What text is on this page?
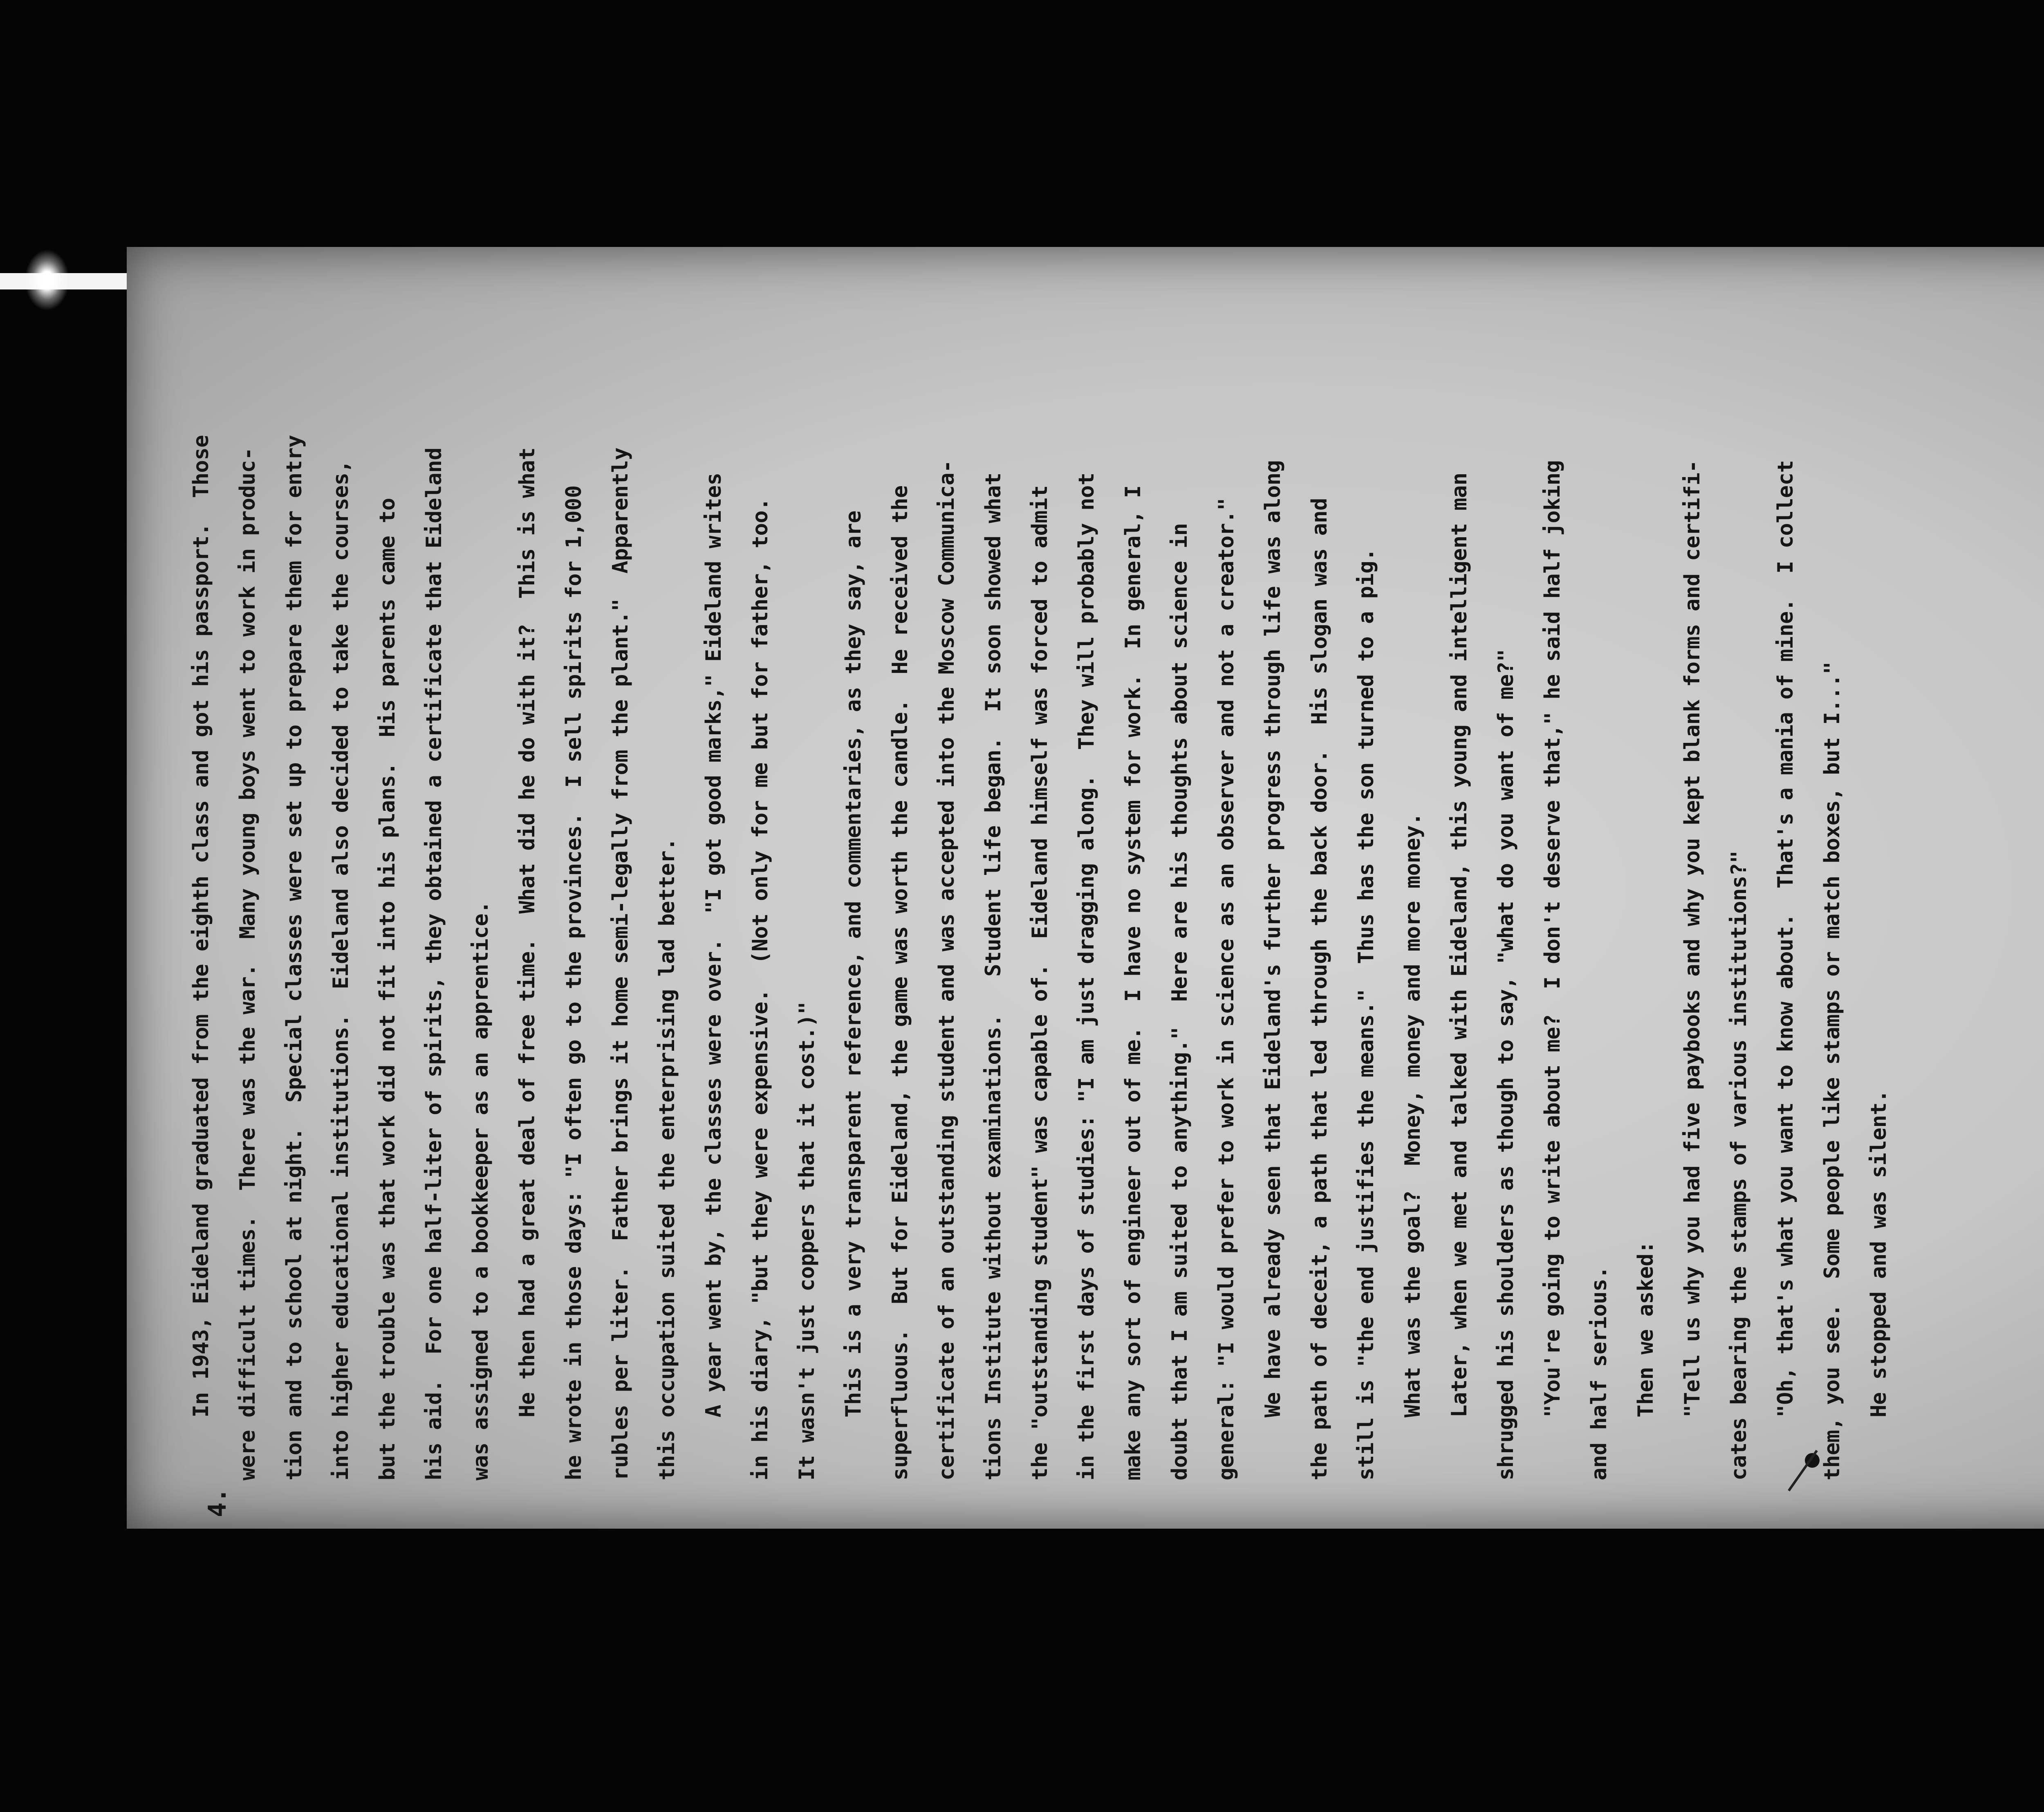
4.
In 1943, Eideland graduated from the eighth class and got his passport.  Those	were difficult times.  There was the war.  Many young boys went to work in produc-	tion and to school at night.  Special classes were set up to prepare them for entry	into higher educational institutions.  Eideland also decided to take the courses,	but the trouble was that work did not fit into his plans.  His parents came to	his aid.  For one half-liter of spirits, they obtained a certificate that Eideland	was assigned to a bookkeeper as an apprentice.	He then had a great deal of free time.  What did he do with it?  This is what	he wrote in those days: "I often go to the provinces.  I sell spirits for 1,000	rubles per liter.  Father brings it home semi-legally from the plant."  Apparently	this occupation suited the enterprising lad better.	A year went by, the classes were over.  "I got good marks," Eideland writes	in his diary, "but they were expensive.  (Not only for me but for father, too.	It wasn't just coppers that it cost.)"	This is a very transparent reference, and commentaries, as they say, are	superfluous.  But for Eideland, the game was worth the candle.  He received the	certificate of an outstanding student and was accepted into the Moscow Communica-	tions Institute without examinations.   Student life began.  It soon showed what	the "outstanding student" was capable of.  Eideland himself was forced to admit	in the first days of studies: "I am just dragging along.  They will probably not	make any sort of engineer out of me.  I have no system for work.  In general, I	doubt that I am suited to anything."  Here are his thoughts about science in	general: "I would prefer to work in science as an observer and not a creator."	We have already seen that Eideland's further progress through life was along	the path of deceit, a path that led through the back door.  His slogan was and	still is "the end justifies the means."  Thus has the son turned to a pig.	What was the goal?  Money, money and more money.	Later, when we met and talked with Eideland, this young and intelligent man	shrugged his shoulders as though to say, "what do you want of me?"	"You're going to write about me?  I don't deserve that," he said half joking	and half serious.	Then we asked:	"Tell us why you had five paybooks and why you kept blank forms and certifi-	cates bearing the stamps of various institutions?"	"Oh, that's what you want to know about.  That's a mania of mine.  I collect	them, you see.  Some people like stamps or match boxes, but I..."	He stopped and was silent.
